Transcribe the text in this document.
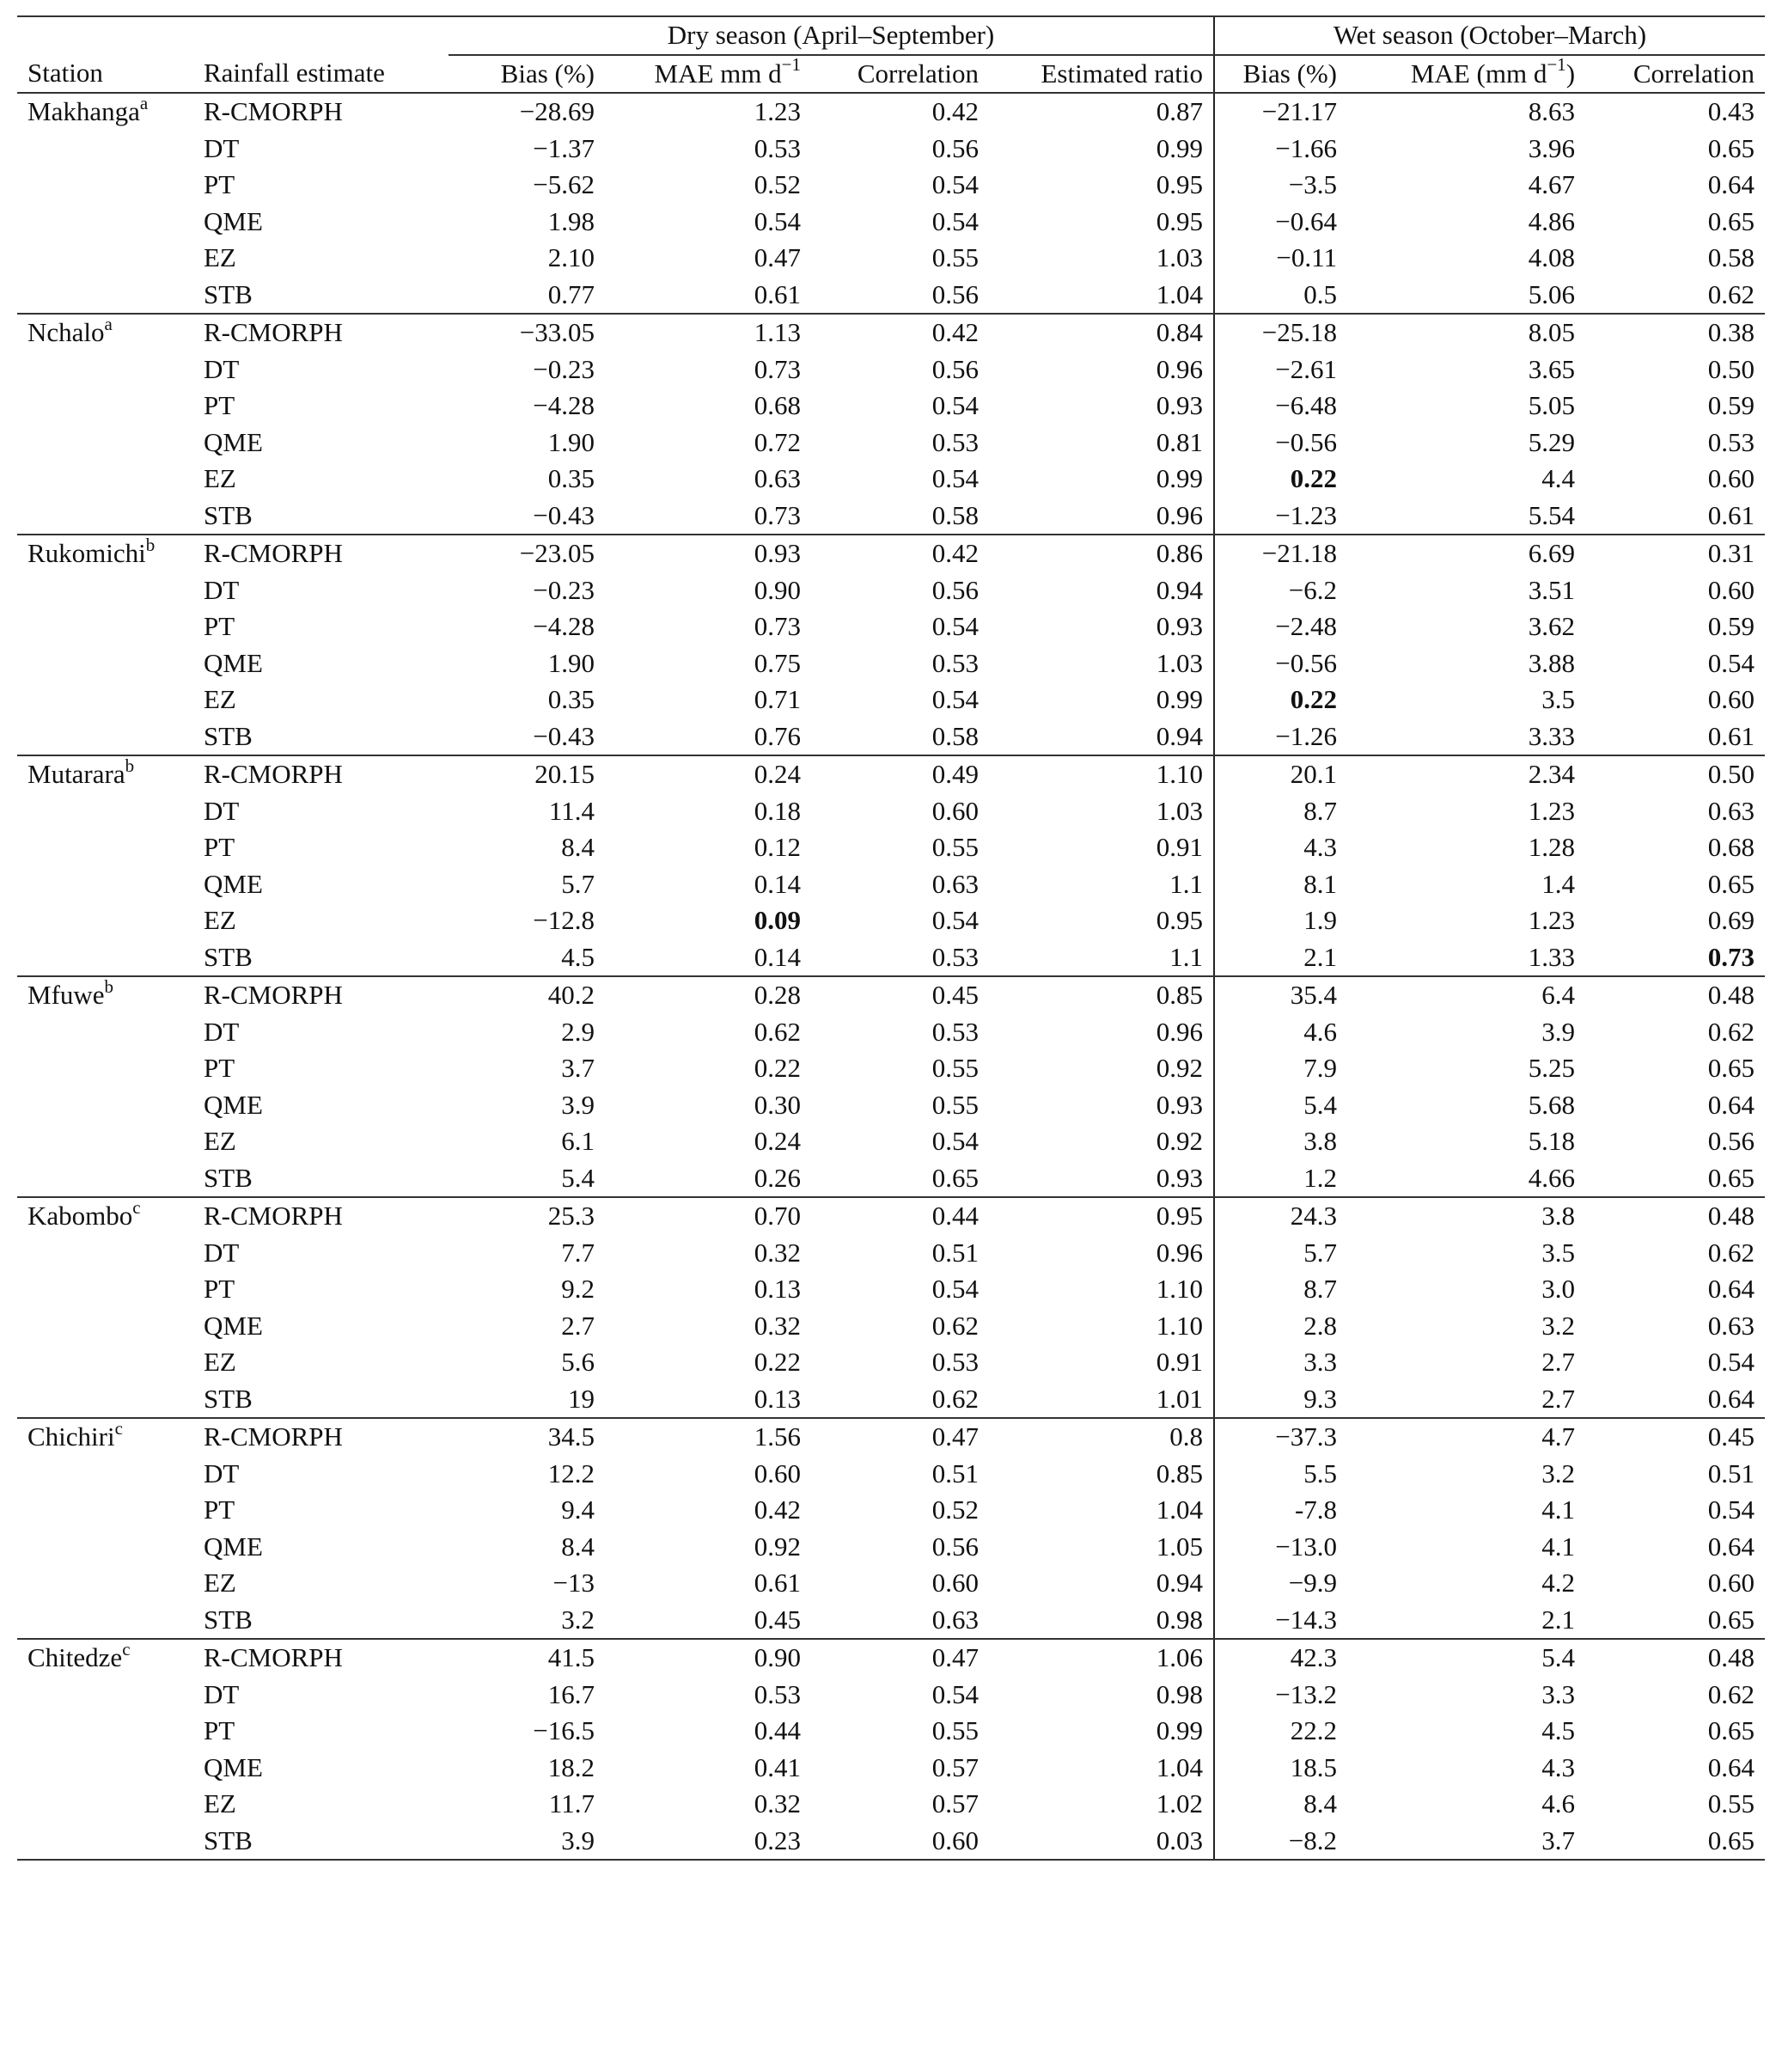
		Dry season (April–September)				Wet season (October–March)		
Station	Rainfall estimate	Bias (%)	MAE mm $d^{-1}$	Correlation	Estimated ratio	Bias (%)	MAE (mm $d^{-1}$)	Correlation
Makhanga$^a$	R-CMORPH	−28.69	1.23	0.42	0.87	−21.17	8.63	0.43
	DT	−1.37	0.53	0.56	0.99	−1.66	3.96	0.65
	PT	−5.62	0.52	0.54	0.95	−3.5	4.67	0.64
	QME	1.98	0.54	0.54	0.95	−0.64	4.86	0.65
	EZ	2.10	0.47	0.55	1.03	−0.11	4.08	0.58
	STB	0.77	0.61	0.56	1.04	0.5	5.06	0.62
Nchalo$^a$	R-CMORPH	−33.05	1.13	0.42	0.84	−25.18	8.05	0.38
	DT	−0.23	0.73	0.56	0.96	−2.61	3.65	0.50
	PT	−4.28	0.68	0.54	0.93	−6.48	5.05	0.59
	QME	1.90	0.72	0.53	0.81	−0.56	5.29	0.53
	EZ	0.35	0.63	0.54	0.99	0.22	4.4	0.60
	STB	−0.43	0.73	0.58	0.96	−1.23	5.54	0.61
Rukomichi$^b$	R-CMORPH	−23.05	0.93	0.42	0.86	−21.18	6.69	0.31
	DT	−0.23	0.90	0.56	0.94	−6.2	3.51	0.60
	PT	−4.28	0.73	0.54	0.93	−2.48	3.62	0.59
	QME	1.90	0.75	0.53	1.03	−0.56	3.88	0.54
	EZ	0.35	0.71	0.54	0.99	0.22	3.5	0.60
	STB	−0.43	0.76	0.58	0.94	−1.26	3.33	0.61
Mutarara$^b$	R-CMORPH	20.15	0.24	0.49	1.10	20.1	2.34	0.50
	DT	11.4	0.18	0.60	1.03	8.7	1.23	0.63
	PT	8.4	0.12	0.55	0.91	4.3	1.28	0.68
	QME	5.7	0.14	0.63	1.1	8.1	1.4	0.65
	EZ	−12.8	0.09	0.54	0.95	1.9	1.23	0.69
	STB	4.5	0.14	0.53	1.1	2.1	1.33	0.73
Mfuwe$^b$	R-CMORPH	40.2	0.28	0.45	0.85	35.4	6.4	0.48
	DT	2.9	0.62	0.53	0.96	4.6	3.9	0.62
	PT	3.7	0.22	0.55	0.92	7.9	5.25	0.65
	QME	3.9	0.30	0.55	0.93	5.4	5.68	0.64
	EZ	6.1	0.24	0.54	0.92	3.8	5.18	0.56
	STB	5.4	0.26	0.65	0.93	1.2	4.66	0.65
Kabombo$^c$	R-CMORPH	25.3	0.70	0.44	0.95	24.3	3.8	0.48
	DT	7.7	0.32	0.51	0.96	5.7	3.5	0.62
	PT	9.2	0.13	0.54	1.10	8.7	3.0	0.64
	QME	2.7	0.32	0.62	1.10	2.8	3.2	0.63
	EZ	5.6	0.22	0.53	0.91	3.3	2.7	0.54
	STB	19	0.13	0.62	1.01	9.3	2.7	0.64
Chichiri$^c$	R-CMORPH	34.5	1.56	0.47	0.8	−37.3	4.7	0.45
	DT	12.2	0.60	0.51	0.85	5.5	3.2	0.51
	PT	9.4	0.42	0.52	1.04	-7.8	4.1	0.54
	QME	8.4	0.92	0.56	1.05	−13.0	4.1	0.64
	EZ	−13	0.61	0.60	0.94	−9.9	4.2	0.60
	STB	3.2	0.45	0.63	0.98	−14.3	2.1	0.65
Chitedze$^c$	R-CMORPH	41.5	0.90	0.47	1.06	42.3	5.4	0.48
	DT	16.7	0.53	0.54	0.98	−13.2	3.3	0.62
	PT	−16.5	0.44	0.55	0.99	22.2	4.5	0.65
	QME	18.2	0.41	0.57	1.04	18.5	4.3	0.64
	EZ	11.7	0.32	0.57	1.02	8.4	4.6	0.55
	STB	3.9	0.23	0.60	0.03	−8.2	3.7	0.65
